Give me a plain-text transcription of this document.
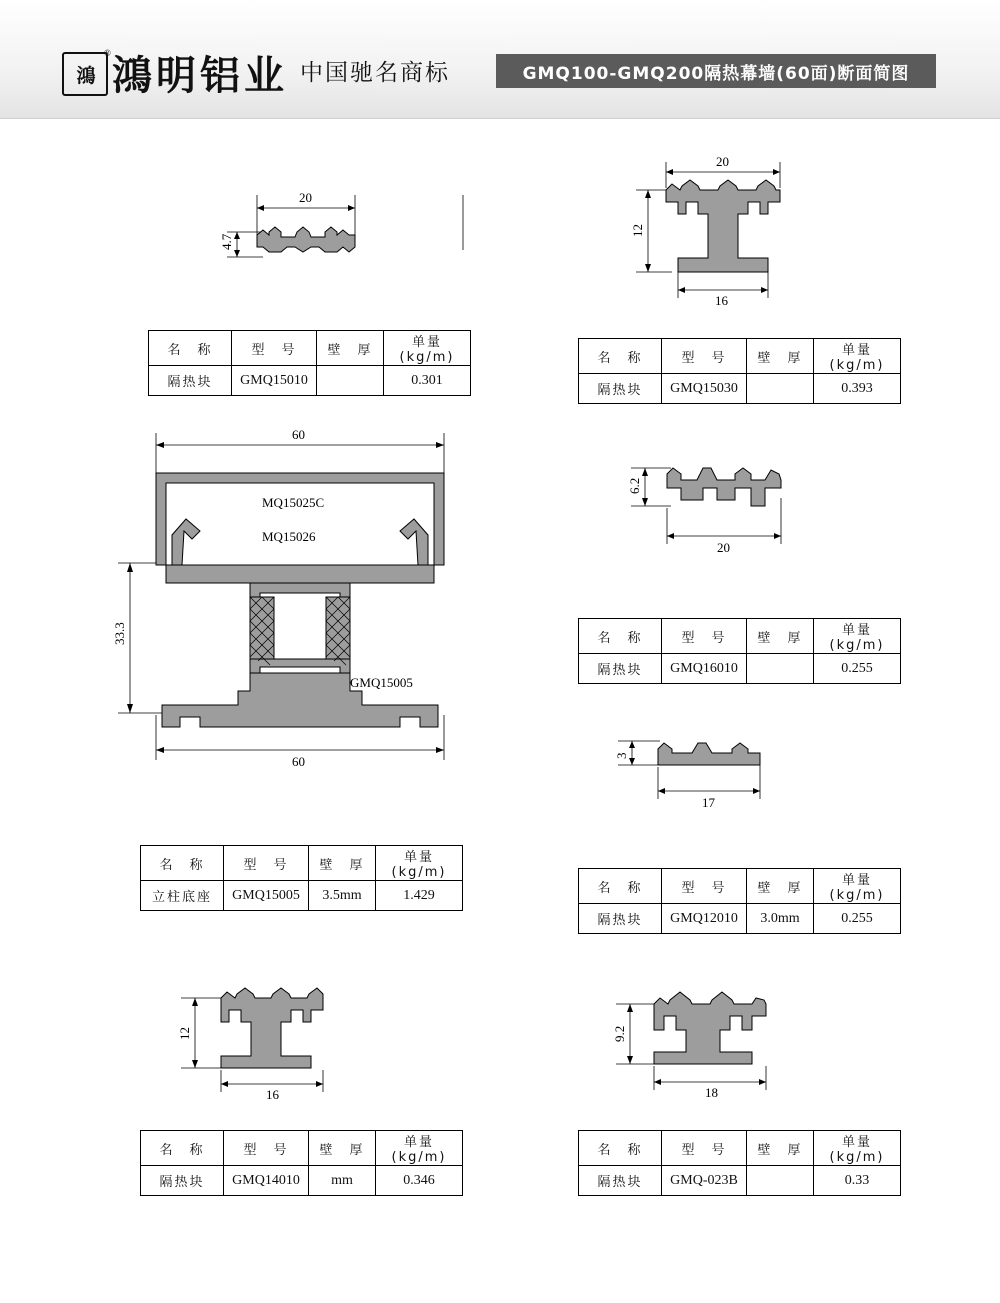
鴻
® 鴻明铝业 中国驰名商标	GMQ100-GMQ200隔热幕墙(60面)断面简图
20
4.7
名　称	型　号	壁　厚	单量(kg/m)
隔热块	GMQ15010		0.301
20
12
16
名　称	型　号	壁　厚	单量(kg/m)
隔热块	GMQ15030		0.393
60
33.3
60
MQ15025C
MQ15026
GMQ15005
名　称	型　号	壁　厚	单量(kg/m)
立柱底座	GMQ15005	3.5mm	1.429
6.2
20
名　称	型　号	壁　厚	单量(kg/m)
隔热块	GMQ16010		0.255
3
17
名　称	型　号	壁　厚	单量(kg/m)
隔热块	GMQ12010	3.0mm	0.255
12
16
名　称	型　号	壁　厚	单量(kg/m)
隔热块	GMQ14010	mm	0.346
9.2
18
名　称	型　号	壁　厚	单量(kg/m)
隔热块	GMQ-023B		0.33
